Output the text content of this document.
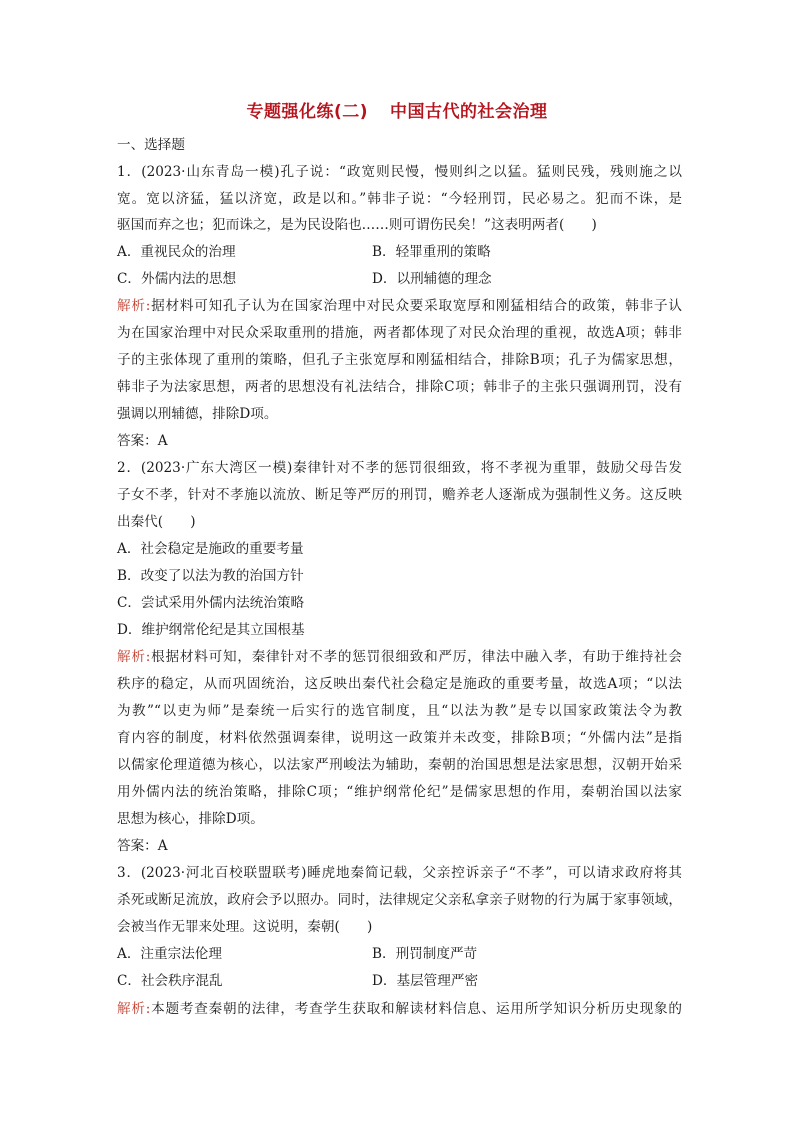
专题强化练(二) 中国古代的社会治理
一、选择题
1．(2023·山东青岛一模)孔子说：“政宽则民慢，慢则纠之以猛。猛则民残，残则施之以
宽。宽以济猛，猛以济宽，政是以和。”韩非子说：“今轻刑罚，民必易之。犯而不诛，是
驱国而弃之也；犯而诛之，是为民设陷也……则可谓伤民矣！”这表明两者(　　)
A．重视民众的治理	B．轻罪重刑的策略
C．外儒内法的思想	D．以刑辅德的理念
解析:据材料可知孔子认为在国家治理中对民众要采取宽厚和刚猛相结合的政策，韩非子认
为在国家治理中对民众采取重刑的措施，两者都体现了对民众治理的重视，故选A项；韩非
子的主张体现了重刑的策略，但孔子主张宽厚和刚猛相结合，排除B项；孔子为儒家思想，
韩非子为法家思想，两者的思想没有礼法结合，排除C项；韩非子的主张只强调刑罚，没有
强调以刑辅德，排除D项。
答案：A
2．(2023·广东大湾区一模)秦律针对不孝的惩罚很细致，将不孝视为重罪，鼓励父母告发
子女不孝，针对不孝施以流放、断足等严厉的刑罚，赡养老人逐渐成为强制性义务。这反映
出秦代(　　)
A．社会稳定是施政的重要考量
B．改变了以法为教的治国方针
C．尝试采用外儒内法统治策略
D．维护纲常伦纪是其立国根基
解析:根据材料可知，秦律针对不孝的惩罚很细致和严厉，律法中融入孝，有助于维持社会
秩序的稳定，从而巩固统治，这反映出秦代社会稳定是施政的重要考量，故选A项；“以法
为教”“以吏为师”是秦统一后实行的选官制度，且“以法为教”是专以国家政策法令为教
育内容的制度，材料依然强调秦律，说明这一政策并未改变，排除B项；“外儒内法”是指
以儒家伦理道德为核心，以法家严刑峻法为辅助，秦朝的治国思想是法家思想，汉朝开始采
用外儒内法的统治策略，排除C项；“维护纲常伦纪”是儒家思想的作用，秦朝治国以法家
思想为核心，排除D项。
答案：A
3．(2023·河北百校联盟联考)睡虎地秦简记载，父亲控诉亲子“不孝”，可以请求政府将其
杀死或断足流放，政府会予以照办。同时，法律规定父亲私拿亲子财物的行为属于家事领域，
会被当作无罪来处理。这说明，秦朝(　　)
A．注重宗法伦理	B．刑罚制度严苛
C．社会秩序混乱	D．基层管理严密
解析:本题考查秦朝的法律，考查学生获取和解读材料信息、运用所学知识分析历史现象的
